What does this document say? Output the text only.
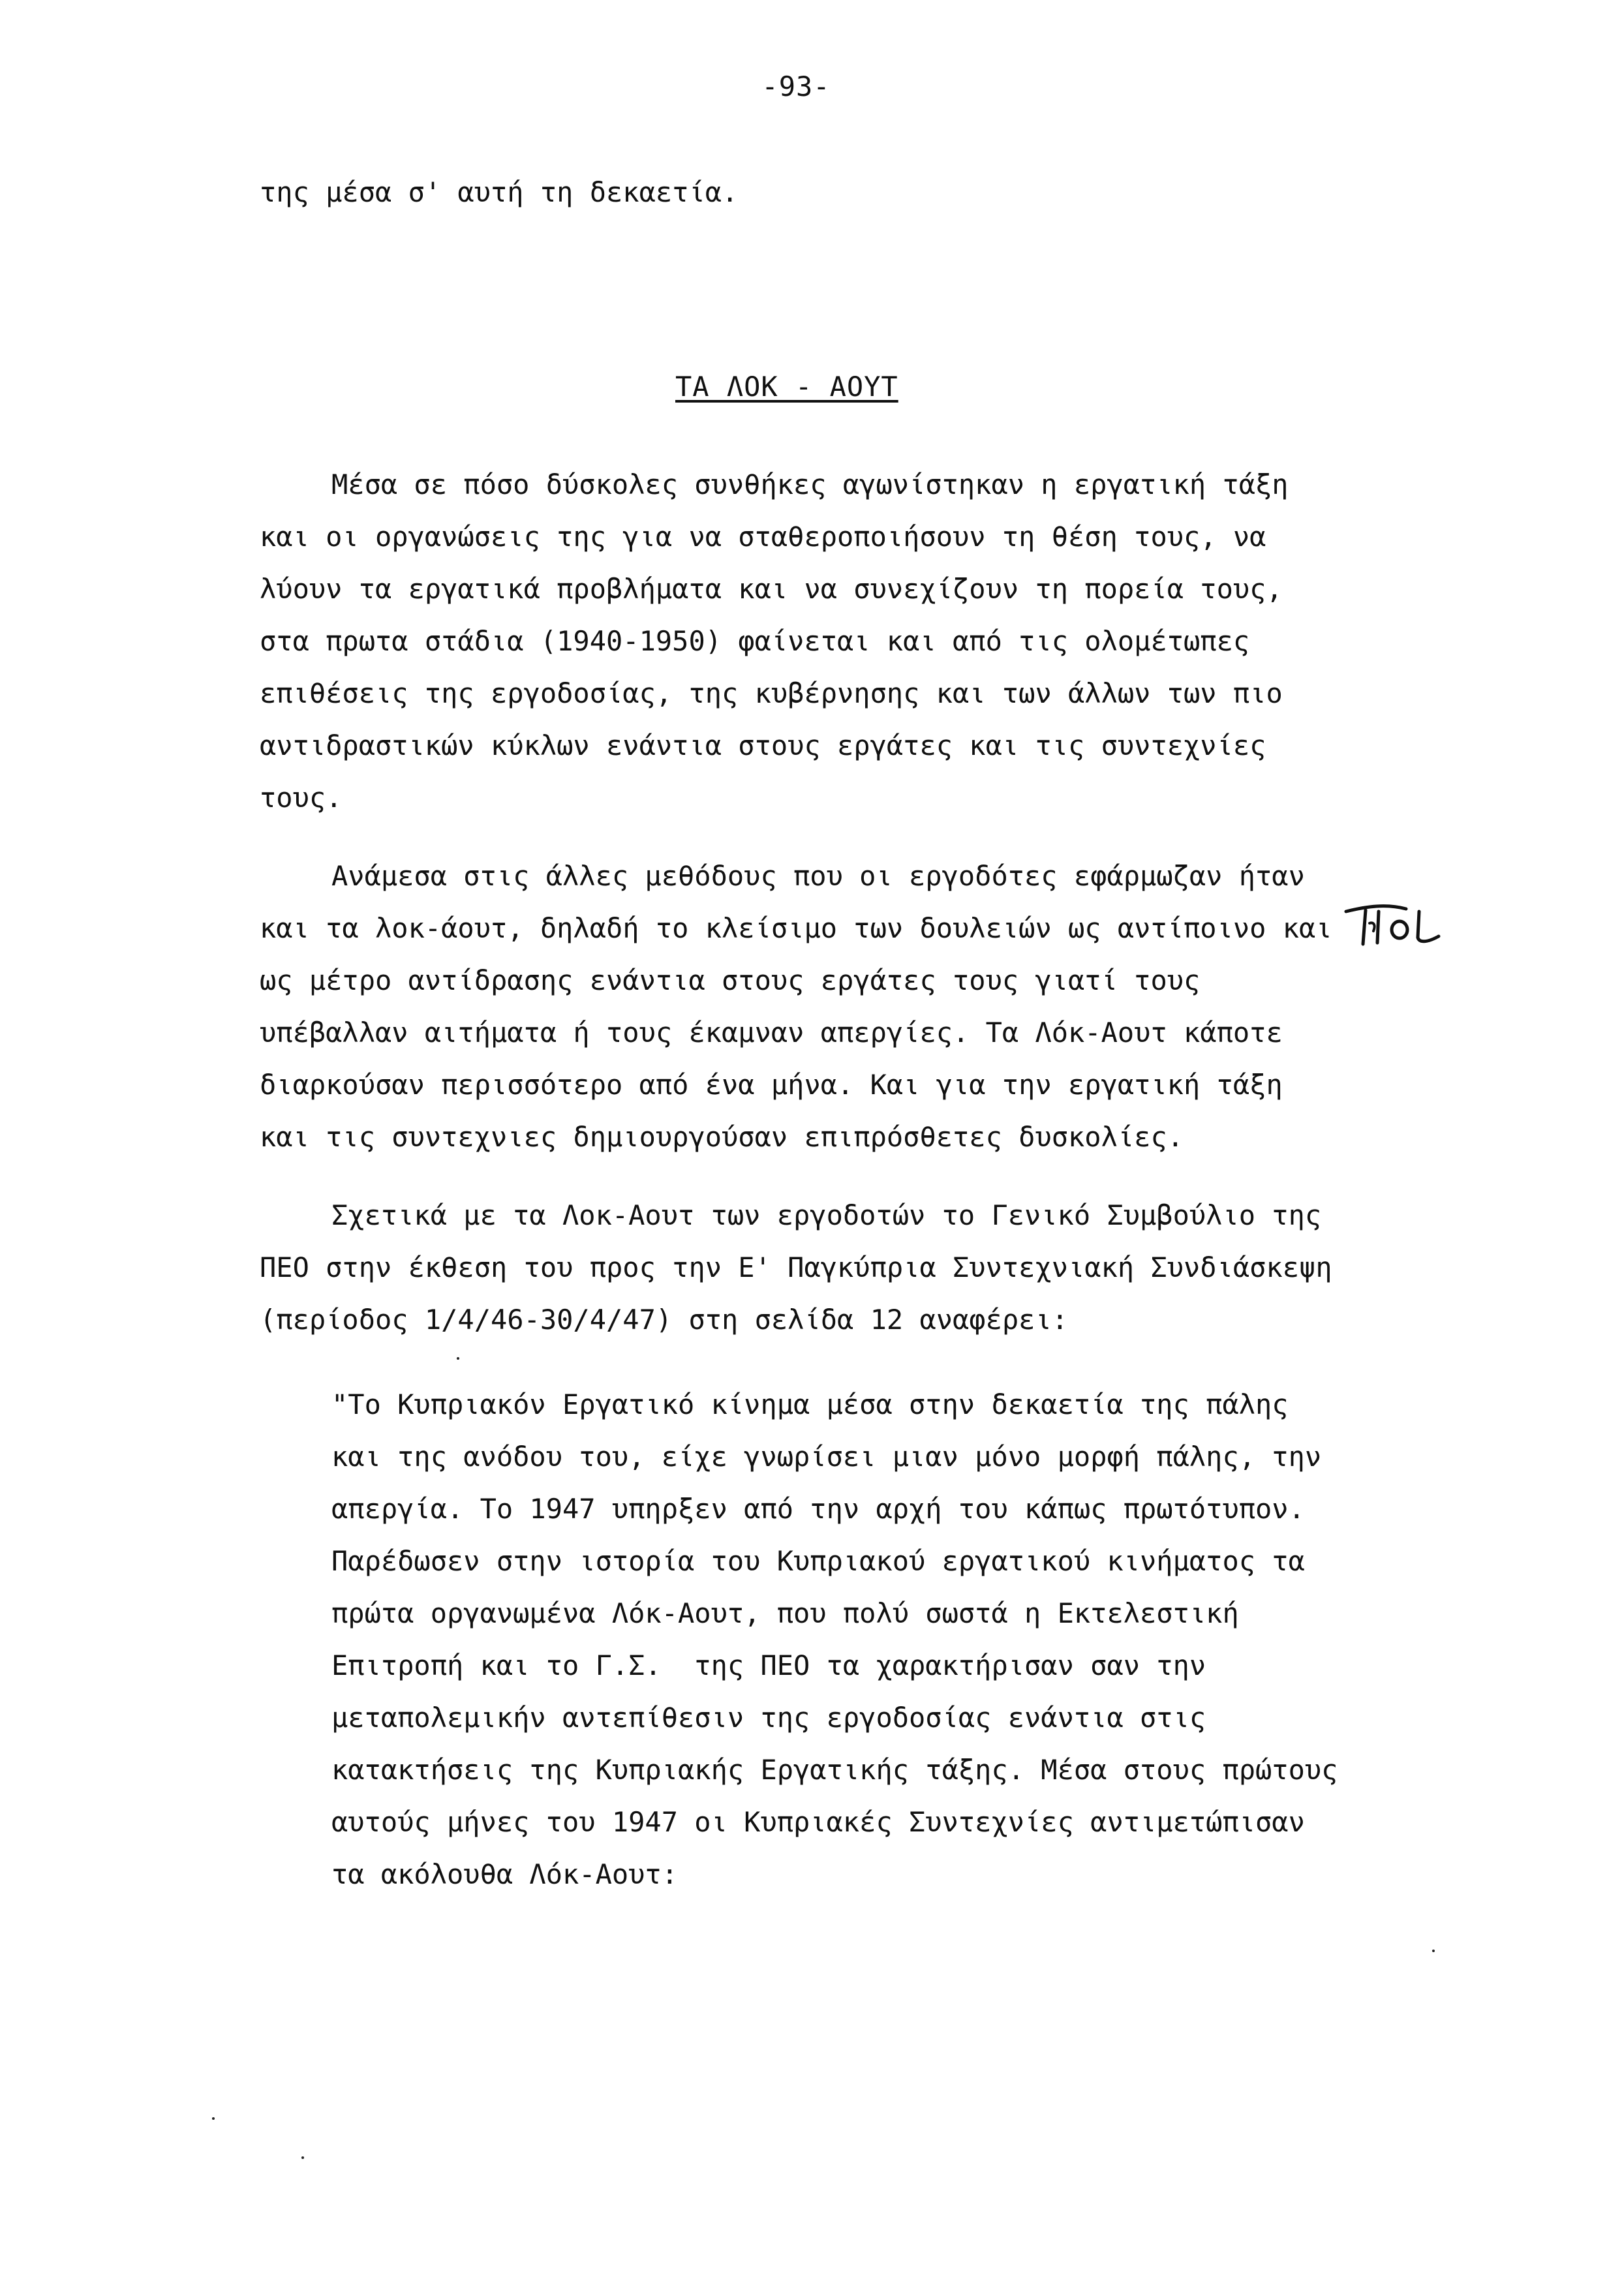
-93-
της μέσα σ' αυτή τη δεκαετία.
ΤΑ ΛΟΚ - ΑΟΥΤ
Μέσα σε πόσο δύσκολες συνθήκες αγωνίστηκαν η εργατική τάξη
και οι οργανώσεις της για να σταθεροποιήσουν τη θέση τους, να
λύουν τα εργατικά προβλήματα και να συνεχίζουν τη πορεία τους,
στα πρωτα στάδια (1940-1950) φαίνεται και από τις ολομέτωπες
επιθέσεις της εργοδοσίας, της κυβέρνησης και των άλλων των πιο
αντιδραστικών κύκλων ενάντια στους εργάτες και τις συντεχνίες
τους.
Ανάμεσα στις άλλες μεθόδους που οι εργοδότες εφάρμωζαν ήταν
και τα λοκ-άουτ, δηλαδή το κλείσιμο των δουλειών ως αντίποινο και
ως μέτρο αντίδρασης ενάντια στους εργάτες τους γιατί τους
υπέβαλλαν αιτήματα ή τους έκαμναν απεργίες. Τα Λόκ-Αουτ κάποτε
διαρκούσαν περισσότερο από ένα μήνα. Και για την εργατική τάξη
και τις συντεχνιες δημιουργούσαν επιπρόσθετες δυσκολίες.
Σχετικά με τα Λοκ-Αουτ των εργοδοτών το Γενικό Συμβούλιο της
ΠΕΟ στην έκθεση του προς την Ε' Παγκύπρια Συντεχνιακή Συνδιάσκεψη
(περίοδος 1/4/46-30/4/47) στη σελίδα 12 αναφέρει:
"Το Κυπριακόν Εργατικό κίνημα μέσα στην δεκαετία της πάλης
και της ανόδου του, είχε γνωρίσει μιαν μόνο μορφή πάλης, την
απεργία. Το 1947 υπηρξεν από την αρχή του κάπως πρωτότυπον.
Παρέδωσεν στην ιστορία του Κυπριακού εργατικού κινήματος τα
πρώτα οργανωμένα Λόκ-Αουτ, που πολύ σωστά η Εκτελεστική
Επιτροπή και το Γ.Σ.  της ΠΕΟ τα χαρακτήρισαν σαν την
μεταπολεμικήν αντεπίθεσιν της εργοδοσίας ενάντια στις
κατακτήσεις της Κυπριακής Εργατικής τάξης. Μέσα στους πρώτους
αυτούς μήνες του 1947 οι Κυπριακές Συντεχνίες αντιμετώπισαν
τα ακόλουθα Λόκ-Αουτ:
